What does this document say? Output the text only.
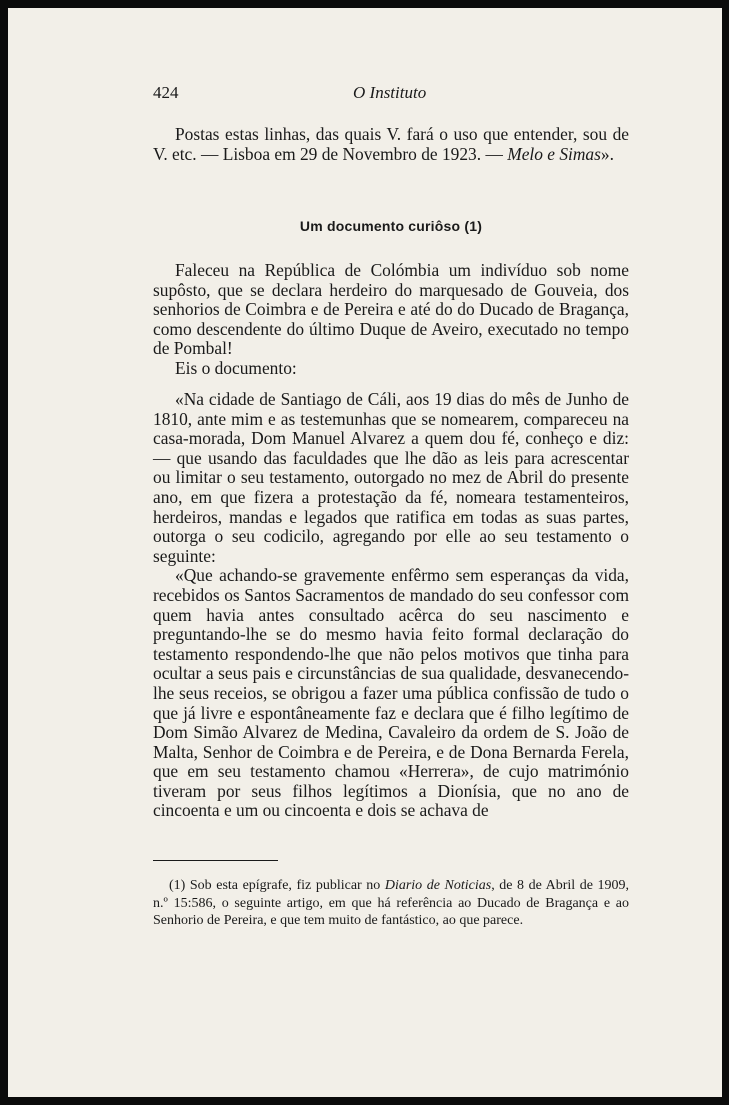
424	O Instituto

Postas estas linhas, das quais V. fará o uso que entender, sou de V. etc. — Lisboa em 29 de Novembro de 1923. — Melo e Simas».

Um documento curiôso (1)

Faleceu na República de Colómbia um indivíduo sob nome supôsto, que se declara herdeiro do marquesado de Gouveia, dos senhorios de Coimbra e de Pereira e até do do Ducado de Bragança, como descendente do último Duque de Aveiro, executado no tempo de Pombal!

Eis o documento:

«Na cidade de Santiago de Cáli, aos 19 dias do mês de Junho de 1810, ante mim e as testemunhas que se nomearem, compareceu na casa-morada, Dom Manuel Alvarez a quem dou fé, conheço e diz: — que usando das faculdades que lhe dão as leis para acrescentar ou limitar o seu testamento, outorgado no mez de Abril do presente ano, em que fizera a protestação da fé, nomeara testamenteiros, herdeiros, mandas e legados que ratifica em todas as suas partes, outorga o seu codicilo, agregando por elle ao seu testamento o seguinte:

«Que achando-se gravemente enfêrmo sem esperanças da vida, recebidos os Santos Sacramentos de mandado do seu confessor com quem havia antes consultado acêrca do seu nascimento e preguntando-lhe se do mesmo havia feito formal declaração do testamento respondendo-lhe que não pelos motivos que tinha para ocultar a seus pais e circunstâncias de sua qualidade, desvanecendo-lhe seus receios, se obrigou a fazer uma pública confissão de tudo o que já livre e espontâneamente faz e declara que é filho legítimo de Dom Simão Alvarez de Medina, Cavaleiro da ordem de S. João de Malta, Senhor de Coimbra e de Pereira, e de Dona Bernarda Ferela, que em seu testamento chamou «Herrera», de cujo matrimónio tiveram por seus filhos legítimos a Dionísia, que no ano de cincoenta e um ou cincoenta e dois se achava de

(1) Sob esta epígrafe, fiz publicar no Diario de Noticias, de 8 de Abril de 1909, n.º 15:586, o seguinte artigo, em que há referência ao Ducado de Bragança e ao Senhorio de Pereira, e que tem muito de fantástico, ao que parece.
